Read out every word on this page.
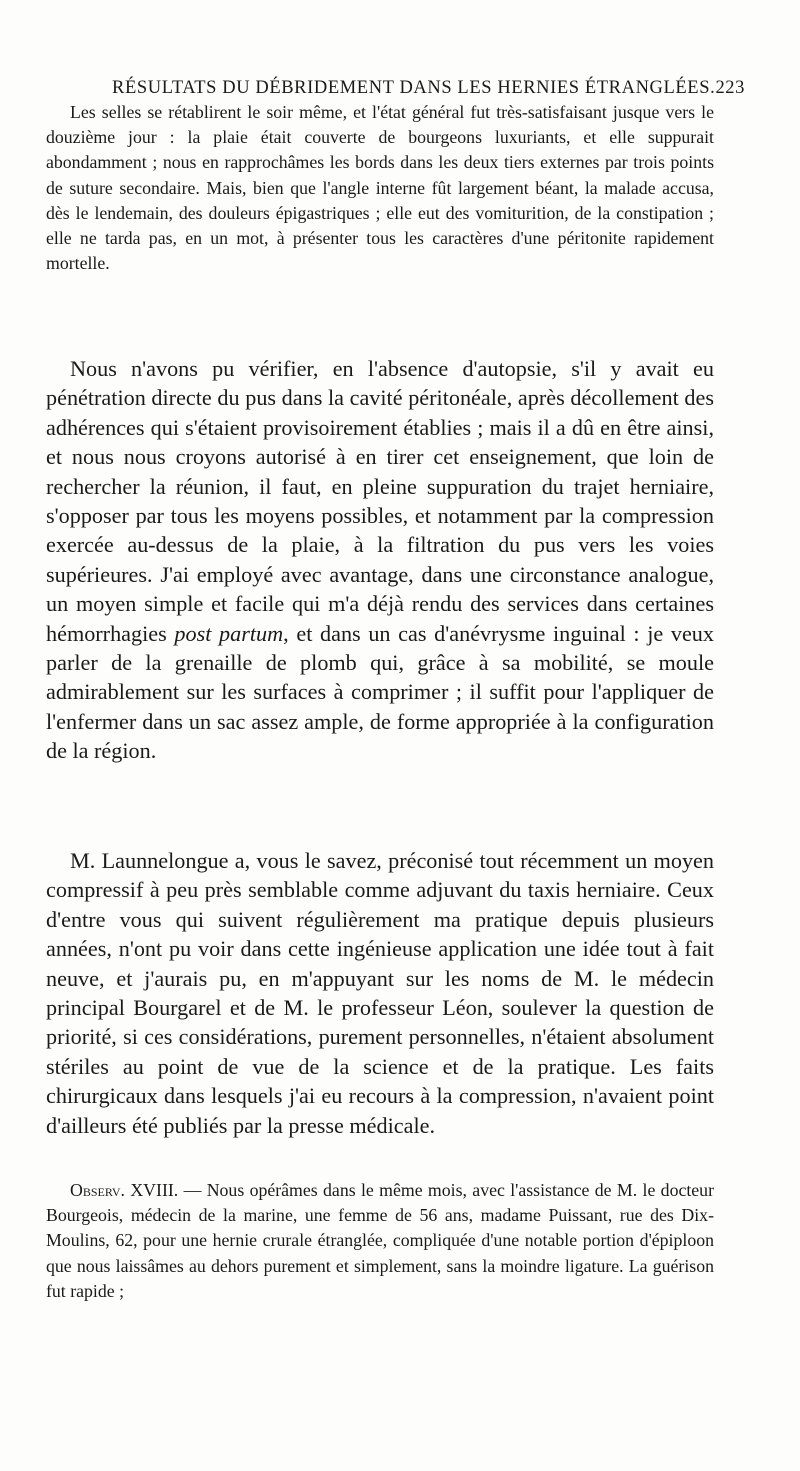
RÉSULTATS DU DÉBRIDEMENT DANS LES HERNIES ÉTRANGLÉES. 223

Les selles se rétablirent le soir même, et l'état général fut très-satisfaisant jusque vers le douzième jour : la plaie était couverte de bourgeons luxuriants, et elle suppurait abondamment ; nous en rapprochâmes les bords dans les deux tiers externes par trois points de suture secondaire. Mais, bien que l'angle interne fût largement béant, la malade accusa, dès le lendemain, des douleurs épigastriques ; elle eut des vomiturition, de la constipation ; elle ne tarda pas, en un mot, à présenter tous les caractères d'une péritonite rapidement mortelle.

Nous n'avons pu vérifier, en l'absence d'autopsie, s'il y avait eu pénétration directe du pus dans la cavité péritonéale, après décollement des adhérences qui s'étaient provisoirement établies ; mais il a dû en être ainsi, et nous nous croyons autorisé à en tirer cet enseignement, que loin de rechercher la réunion, il faut, en pleine suppuration du trajet herniaire, s'opposer par tous les moyens possibles, et notamment par la compression exercée au-dessus de la plaie, à la filtration du pus vers les voies supérieures. J'ai employé avec avantage, dans une circonstance analogue, un moyen simple et facile qui m'a déjà rendu des services dans certaines hémorrhagies post partum, et dans un cas d'anévrysme inguinal : je veux parler de la grenaille de plomb qui, grâce à sa mobilité, se moule admirablement sur les surfaces à comprimer ; il suffit pour l'appliquer de l'enfermer dans un sac assez ample, de forme appropriée à la configuration de la région.

M. Launnelongue a, vous le savez, préconisé tout récemment un moyen compressif à peu près semblable comme adjuvant du taxis herniaire. Ceux d'entre vous qui suivent régulièrement ma pratique depuis plusieurs années, n'ont pu voir dans cette ingénieuse application une idée tout à fait neuve, et j'aurais pu, en m'appuyant sur les noms de M. le médecin principal Bourgarel et de M. le professeur Léon, soulever la question de priorité, si ces considérations, purement personnelles, n'étaient absolument stériles au point de vue de la science et de la pratique. Les faits chirurgicaux dans lesquels j'ai eu recours à la compression, n'avaient point d'ailleurs été publiés par la presse médicale.

Observ. XVIII. — Nous opérâmes dans le même mois, avec l'assistance de M. le docteur Bourgeois, médecin de la marine, une femme de 56 ans, madame Puissant, rue des Dix-Moulins, 62, pour une hernie crurale étranglée, compliquée d'une notable portion d'épiploon que nous laissâmes au dehors purement et simplement, sans la moindre ligature. La guérison fut rapide ;
